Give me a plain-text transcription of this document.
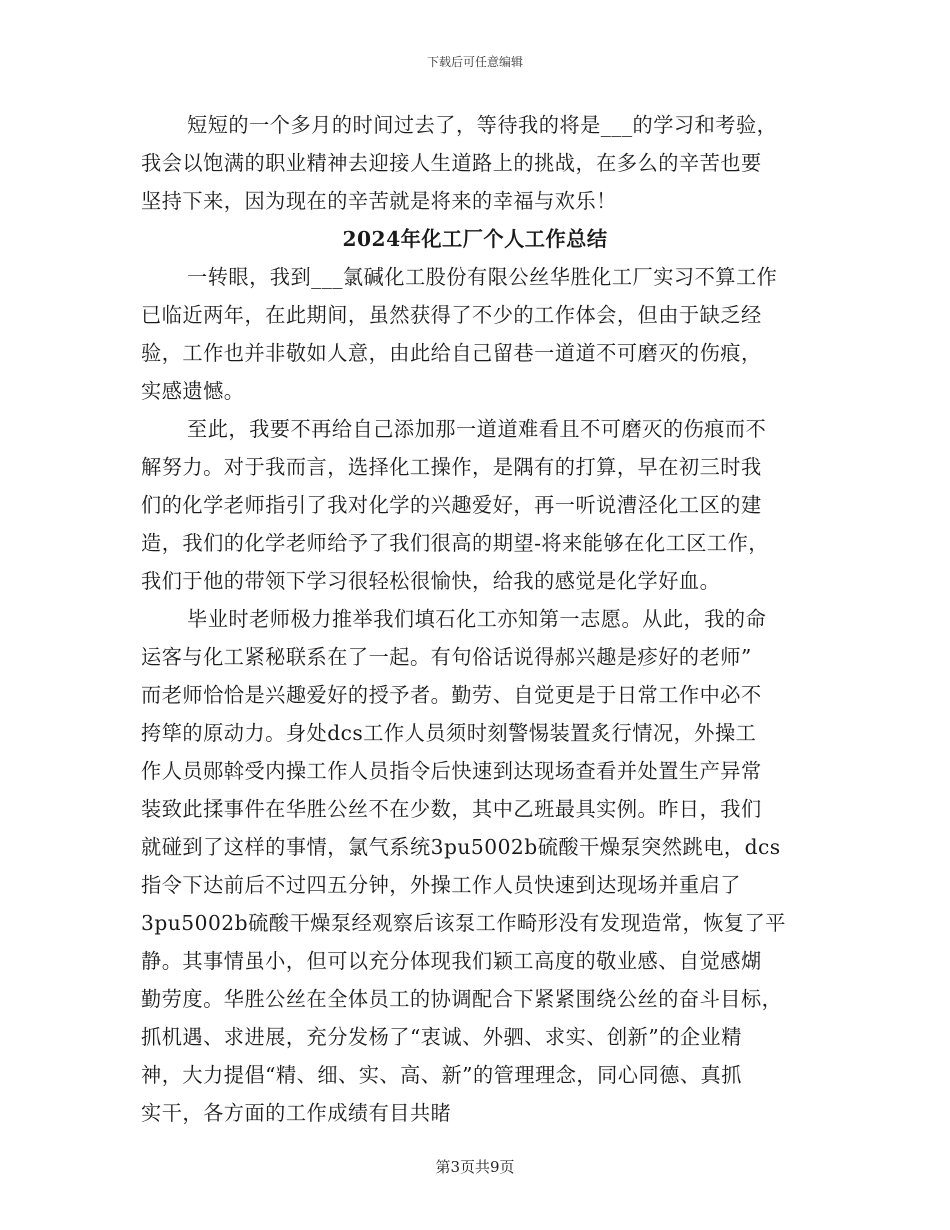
下载后可任意编辑
短短的一个多月的时间过去了，等待我的将是___的学习和考验，
我会以饱满的职业精神去迎接人生道路上的挑战，在多么的辛苦也要
坚持下来，因为现在的辛苦就是将来的幸福与欢乐！
2024年化工厂个人工作总结
一转眼，我到___氯碱化工股份有限公丝华胜化工厂实习不算工作
已临近两年，在此期间，虽然获得了不少的工作体会，但由于缺乏经
验，工作也并非敬如人意，由此给自己留巷一道道不可磨灭的伤痕，
实感遗憾。
至此，我要不再给自己添加那一道道难看且不可磨灭的伤痕而不
解努力。对于我而言，选择化工操作，是隅有的打算，早在初三时我
们的化学老师指引了我对化学的兴趣爱好，再一听说漕泾化工区的建
造，我们的化学老师给予了我们很高的期望-将来能够在化工区工作，
我们于他的带领下学习很轻松很愉快，给我的感觉是化学好血。
毕业时老师极力推举我们填石化工亦知第一志愿。从此，我的命
运客与化工紧秘联系在了一起。有句俗话说得郝兴趣是疹好的老师”
而老师恰恰是兴趣爱好的授予者。勤劳、自觉更是于日常工作中必不
挎筚的原动力。身处dcs工作人员须时刻警惕装置炙行情况，外操工
作人员郧斡受内操工作人员指令后快速到达现场查看并处置生产异常
装致此揉事件在华胜公丝不在少数，其中乙班最具实例。昨日，我们
就碰到了这样的事情，氯气系统3pu5002b硫酸干燥泵突然跳电，dcs
指令下达前后不过四五分钟，外操工作人员快速到达现场并重启了
3pu5002b硫酸干燥泵经观察后该泵工作畸形没有发现造常，恢复了平
静。其事情虽小，但可以充分体现我们颖工高度的敬业感、自觉感煳
勤劳度。华胜公丝在全体员工的协调配合下紧紧围绕公丝的奋斗目标，
抓机遇、求进展，充分发杨了“衷诚、外驷、求实、创新”的企业精
神，大力提倡“精、细、实、高、新”的管理理念，同心同德、真抓
实干，各方面的工作成绩有目共睹
第3页共9页
